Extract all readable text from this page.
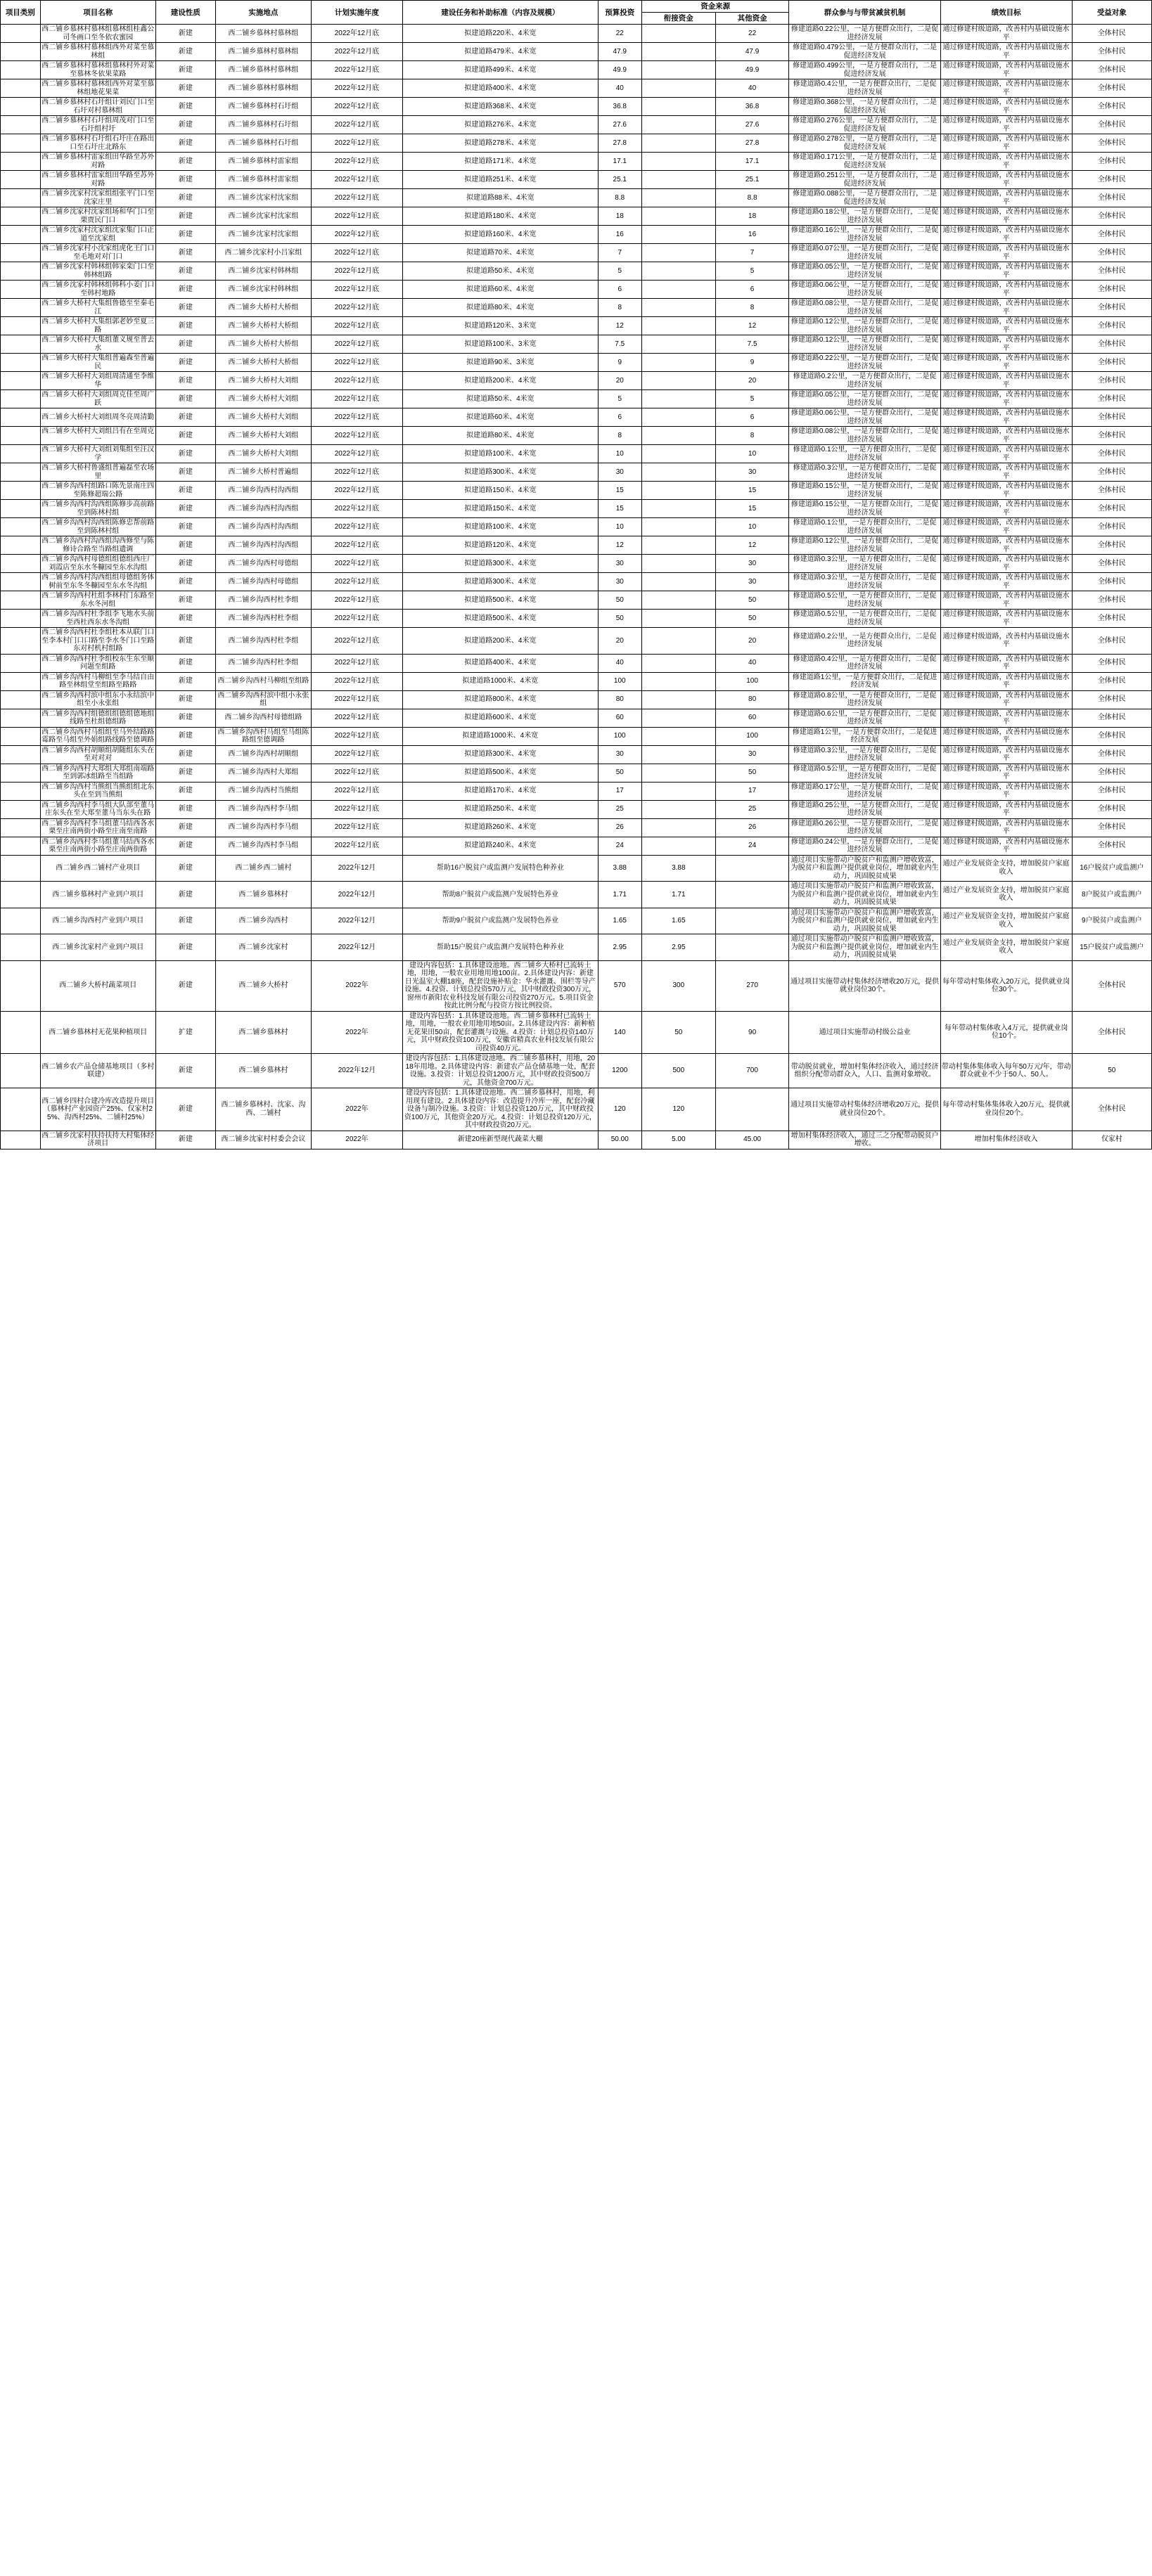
项目类别	项目名称	建设性质	实施地点	计划实施年度	建设任务和补助标准（内容及规模）	预算投资	资金来源		群众参与与带贫减贫机制	绩效目标	受益对象
							衔接资金	其他资金			
	西二铺乡慕林村慕林组慕林组桂鑫公司冬画口至冬依农蜜园	新建	西二铺乡慕林村慕林组	2022年12月底	拟建道路220米、4米宽	22		22	修建道路0.22公里，一是方便群众出行，二是促进经济发展	通过修建村级道路，改善村内基础设施水平	全体村民
	西二铺乡慕林村慕林组西外对菜至慕林组	新建	西二铺乡慕林村慕林组	2022年12月底	拟建道路479米、4米宽	47.9		47.9	修建道路0.479公里，一是方便群众出行，二是促进经济发展	通过修建村级道路，改善村内基础设施水平	全体村民
	西二铺乡慕林村慕林组慕林村外对菜至慕林冬依果菜路	新建	西二铺乡慕林村慕林组	2022年12月底	拟建道路499米、4米宽	49.9		49.9	修建道路0.499公里，一是方便群众出行，二是促进经济发展	通过修建村级道路，改善村内基础设施水平	全体村民
	西二铺乡慕林村慕林组西外对菜至慕林组地花果菜	新建	西二铺乡慕林村慕林组	2022年12月底	拟建道路400米、4米宽	40		40	修建道路0.4公里，一是方便群众出行，二是促进经济发展	通过修建村级道路，改善村内基础设施水平	全体村民
	西二铺乡慕林村石圩组计刘民门口至石圩对村慕林组	新建	西二铺乡慕林村石圩组	2022年12月底	拟建道路368米、4米宽	36.8		36.8	修建道路0.368公里，一是方便群众出行，二是促进经济发展	通过修建村级道路，改善村内基础设施水平	全体村民
	西二铺乡慕林村石圩组周茂对门口至石圩组村圩	新建	西二铺乡慕林村石圩组	2022年12月底	拟建道路276米、4米宽	27.6		27.6	修建道路0.276公里，一是方便群众出行，二是促进经济发展	通过修建村级道路，改善村内基础设施水平	全体村民
	西二铺乡慕林村石圩组石圩庄在路出口至石圩庄北路东	新建	西二铺乡慕林村石圩组	2022年12月底	拟建道路278米、4米宽	27.8		27.8	修建道路0.278公里，一是方便群众出行，二是促进经济发展	通过修建村级道路，改善村内基础设施水平	全体村民
	西二铺乡慕林村雷家组田华路至苏外对路	新建	西二铺乡慕林村雷家组	2022年12月底	拟建道路171米、4米宽	17.1		17.1	修建道路0.171公里，一是方便群众出行，二是促进经济发展	通过修建村级道路，改善村内基础设施水平	全体村民
	西二铺乡慕林村雷家组田华路至苏外对路	新建	西二铺乡慕林村雷家组	2022年12月底	拟建道路251米、4米宽	25.1		25.1	修建道路0.251公里，一是方便群众出行，二是促进经济发展	通过修建村级道路，改善村内基础设施水平	全体村民
	西二铺乡沈家村沈家组组张平门口至沈家庄里	新建	西二铺乡沈家村沈家组	2022年12月底	拟建道路88米、4米宽	8.8		8.8	修建道路0.088公里，一是方便群众出行，二是促进经济发展	通过修建村级道路，改善村内基础设施水平	全体村民
	西二铺乡沈家村沈家组场和华门口至栗贾民门口	新建	西二铺乡沈家村沈家组	2022年12月底	拟建道路180米、4米宽	18		18	修建道路0.18公里，一是方便群众出行，二是促进经济发展	通过修建村级道路，改善村内基础设施水平	全体村民
	西二铺乡沈家村沈家组沈家集门口正道至沈家组	新建	西二铺乡沈家村沈家组	2022年12月底	拟建道路160米、4米宽	16		16	修建道路0.16公里，一是方便群众出行，二是促进经济发展	通过修建村级道路，改善村内基础设施水平	全体村民
	西二铺乡沈家村小沈家组虎化王门口至毛地对对门口	新建	西二铺乡沈家村小吕家组	2022年12月底	拟建道路70米、4米宽	7		7	修建道路0.07公里，一是方便群众出行，二是促进经济发展	通过修建村级道路，改善村内基础设施水平	全体村民
	西二铺乡沈家村韩林组韩家栾门口至韩林组路	新建	西二铺乡沈家村韩林组	2022年12月底	拟建道路50米、4米宽	5		5	修建道路0.05公里，一是方便群众出行，二是促进经济发展	通过修建村级道路，改善村内基础设施水平	全体村民
	西二铺乡沈家村韩林组韩科小姜门口至韩村地路	新建	西二铺乡沈家村韩林组	2022年12月底	拟建道路60米、4米宽	6		6	修建道路0.06公里，一是方便群众出行，二是促进经济发展	通过修建村级道路，改善村内基础设施水平	全体村民
	西二铺乡大桥村大集组鲁德至至秦毛江	新建	西二铺乡大桥村大桥组	2022年12月底	拟建道路80米、4米宽	8		8	修建道路0.08公里，一是方便群众出行，二是促进经济发展	通过修建村级道路，改善村内基础设施水平	全体村民
	西二铺乡大桥村大集组郭老妙至夏三路	新建	西二铺乡大桥村大桥组	2022年12月底	拟建道路120米、3米宽	12		12	修建道路0.12公里，一是方便群众出行，二是促进经济发展	通过修建村级道路，改善村内基础设施水平	全体村民
	西二铺乡大桥村大集组董义规至普去水	新建	西二铺乡大桥村大桥组	2022年12月底	拟建道路100米、3米宽	7.5		7.5	修建道路0.12公里，一是方便群众出行，二是促进经济发展	通过修建村级道路，改善村内基础设施水平	全体村民
	西二铺乡大桥村大集组普遍森至普遍民	新建	西二铺乡大桥村大桥组	2022年12月底	拟建道路90米、3米宽	9		9	修建道路0.22公里，一是方便群众出行，二是促进经济发展	通过修建村级道路，改善村内基础设施水平	全体村民
	西二铺乡大桥村大刘组周清通至李维华	新建	西二铺乡大桥村大刘组	2022年12月底	拟建道路200米、4米宽	20		20	修建道路0.2公里，一是方便群众出行，二是促进经济发展	通过修建村级道路，改善村内基础设施水平	全体村民
	西二铺乡大桥村大刘组周克佳至周广跃	新建	西二铺乡大桥村大刘组	2022年12月底	拟建道路50米、4米宽	5		5	修建道路0.05公里，一是方便群众出行，二是促进经济发展	通过修建村级道路，改善村内基础设施水平	全体村民
	西二铺乡大桥村大刘组周冬亮周清勤	新建	西二铺乡大桥村大刘组	2022年12月底	拟建道路60米、4米宽	6		6	修建道路0.06公里，一是方便群众出行，二是促进经济发展	通过修建村级道路，改善村内基础设施水平	全体村民
	西二铺乡大桥村大刘组吕有在至周克一	新建	西二铺乡大桥村大刘组	2022年12月底	拟建道路80米、4米宽	8		8	修建道路0.08公里，一是方便群众出行，二是促进经济发展	通过修建村级道路，改善村内基础设施水平	全体村民
	西二铺乡大桥村大刘组刘集组至汪汉学	新建	西二铺乡大桥村大刘组	2022年12月底	拟建道路100米、4米宽	10		10	修建道路0.1公里，一是方便群众出行，二是促进经济发展	通过修建村级道路，改善村内基础设施水平	全体村民
	西二铺乡大桥村鲁盛组普遍磊至农场里	新建	西二铺乡大桥村普遍组	2022年12月底	拟建道路300米、4米宽	30		30	修建道路0.3公里，一是方便群众出行，二是促进经济发展	通过修建村级道路，改善村内基础设施水平	全体村民
	西二铺乡沟西村组路口陈先景南庄四至陈修超瑞公路	新建	西二铺乡沟西村沟西组	2022年12月底	拟建道路150米、4米宽	15		15	修建道路0.15公里，一是方便群众出行，二是促进经济发展	通过修建村级道路，改善村内基础设施水平	全体村民
	西二铺乡沟西村沟西组陈修步高前路至到陈林村组	新建	西二铺乡沟西村沟西组	2022年12月底	拟建道路150米、4米宽	15		15	修建道路0.15公里，一是方便群众出行，二是促进经济发展	通过修建村级道路，改善村内基础设施水平	全体村民
	西二铺乡沟西村沟西组陈修忠帮前路至到陈林村组	新建	西二铺乡沟西村沟西组	2022年12月底	拟建道路100米、4米宽	10		10	修建道路0.1公里，一是方便群众出行，二是促进经济发展	通过修建村级道路，改善村内基础设施水平	全体村民
	西二铺乡沟西村沟西组沟西修至与陈修诗合路至当路组遗调	新建	西二铺乡沟西村沟西组	2022年12月底	拟建道路120米、4米宽	12		12	修建道路0.12公里，一是方便群众出行，二是促进经济发展	通过修建村级道路，改善村内基础设施水平	全体村民
	西二铺乡沟西村母德组组德组西庄厂刘霞店至东水冬糠园至东水沟组	新建	西二铺乡沟西村母德组	2022年12月底	拟建道路300米、4米宽	30		30	修建道路0.3公里，一是方便群众出行，二是促进经济发展	通过修建村级道路，改善村内基础设施水平	全体村民
	西二铺乡沟西村沟西组组母德组务体树前至东冬冬糠园至东水冬沟组	新建	西二铺乡沟西村母德组	2022年12月底	拟建道路300米、4米宽	30		30	修建道路0.3公里，一是方便群众出行，二是促进经济发展	通过修建村级道路，改善村内基础设施水平	全体村民
	西二铺乡沟西村杜组李林村门东路至东水冬河组	新建	西二铺乡沟西村杜李组	2022年12月底	拟建道路500米、4米宽	50		50	修建道路0.5公里，一是方便群众出行，二是促进经济发展	通过修建村级道路，改善村内基础设施水平	全体村民
	西二铺乡沟西村杜李组李飞地水头前至西杜西东水冬沟组	新建	西二铺乡沟西村杜李组	2022年12月底	拟建道路500米、4米宽	50		50	修建道路0.5公里，一是方便群众出行，二是促进经济发展	通过修建村级道路，改善村内基础设施水平	全体村民
	西二铺乡沟西村杜李组杜本从联门口至李本村门口口路至李水冬门口至路东对村机村组路	新建	西二铺乡沟西村杜李组	2022年12月底	拟建道路200米、4米宽	20		20	修建道路0.2公里，一是方便群众出行，二是促进经济发展	通过修建村级道路，改善村内基础设施水平	全体村民
	西二铺乡沟西村杜李组校东生东至顺问题至组路	新建	西二铺乡沟西村杜李组	2022年12月底	拟建道路400米、4米宽	40		40	修建道路0.4公里，一是方便群众出行，二是促进经济发展	通过修建村级道路，改善村内基础设施水平	全体村民
	西二铺乡沟西村马柳组至李马结自由路至林组堂至组路至路路	新建	西二铺乡沟西村马柳组至组路	2022年12月底	拟建道路1000米、4米宽	100		100	修建道路1公里，一是方便群众出行，二是促进经济发展	通过修建村级道路，改善村内基础设施水平	全体村民
	西二铺乡沟西村滨中组东小永结滨中组至小永张组	新建	西二铺乡沟西村滨中组小永张组	2022年12月底	拟建道路800米、4米宽	80		80	修建道路0.8公里，一是方便群众出行，二是促进经济发展	通过修建村级道路，改善村内基础设施水平	全体村民
	西二铺乡沟西村组德组组德组德地组线路至杜组德组路	新建	西二铺乡沟西村母德组路	2022年12月底	拟建道路600米、4米宽	60		60	修建道路0.6公里，一是方便群众出行，二是促进经济发展	通过修建村级道路，改善村内基础设施水平	全体村民
	西二铺乡沟西村马组组至马外结路路霉路至马组至外娟组路线路至德调路	新建	西二铺乡沟西村马组至马组陈路组至德调路	2022年12月底	拟建道路1000米、4米宽	100		100	修建道路1公里，一是方便群众出行，二是促进经济发展	通过修建村级道路，改善村内基础设施水平	全体村民
	西二铺乡沟西村胡顺组胡随组东头在至对对对	新建	西二铺乡沟西村胡顺组	2022年12月底	拟建道路300米、4米宽	30		30	修建道路0.3公里，一是方便群众出行，二是促进经济发展	通过修建村级道路，改善村内基础设施水平	全体村民
	西二铺乡沟西村大郑组大郑组南端路至到郭冰组路至当组路	新建	西二铺乡沟西村大郑组	2022年12月底	拟建道路500米、4米宽	50		50	修建道路0.5公里，一是方便群众出行，二是促进经济发展	通过修建村级道路，改善村内基础设施水平	全体村民
	西二铺乡沟西村当熊组当熊组组北东头在至到当熊组	新建	西二铺乡沟西村当熊组	2022年12月底	拟建道路170米、4米宽	17		17	修建道路0.17公里，一是方便群众出行，二是促进经济发展	通过修建村级道路，改善村内基础设施水平	全体村民
	西二铺乡沟西村李马组大队部至董马庄东头在至大郑至董马当东头在路	新建	西二铺乡沟西村李马组	2022年12月底	拟建道路250米、4米宽	25		25	修建道路0.25公里，一是方便群众出行，二是促进经济发展	通过修建村级道路，改善村内基础设施水平	全体村民
	西二铺乡沟西村李马组董马结西各水栗至庄南两街小路至庄南至南路	新建	西二铺乡沟西村李马组	2022年12月底	拟建道路260米、4米宽	26		26	修建道路0.26公里，一是方便群众出行，二是促进经济发展	通过修建村级道路，改善村内基础设施水平	全体村民
	西二铺乡沟西村李马组董马结西各水栗至庄南两街小路至庄南两街路	新建	西二铺乡沟西村李马组	2022年12月底	拟建道路240米、4米宽	24		24	修建道路0.24公里，一是方便群众出行，二是促进经济发展	通过修建村级道路，改善村内基础设施水平	全体村民
	西二铺乡西二铺村产业项目	新建	西二铺乡西二铺村	2022年12月	帮助16户脱贫户或监测户发展特色种养业	3.88	3.88		通过项目实施带动户脱贫户和监测户增收致富，为脱贫户和监测户提供就业岗位，增加就业内生动力，巩固脱贫成果	通过产业发展资金支持，增加脱贫户家庭收入	16户脱贫户或监测户
	西二铺乡慕林村产业到户项目	新建	西二铺乡慕林村	2022年12月	帮助8户脱贫户或监测户发展特色养业	1.71	1.71		通过项目实施带动户脱贫户和监测户增收致富，为脱贫户和监测户提供就业岗位，增加就业内生动力，巩固脱贫成果	通过产业发展资金支持，增加脱贫户家庭收入	8户脱贫户或监测户
	西二铺乡沟西村产业到户项目	新建	西二铺乡沟西村	2022年12月	帮助9户脱贫户或监测户发展特色养业	1.65	1.65		通过项目实施带动户脱贫户和监测户增收致富，为脱贫户和监测户提供就业岗位，增加就业内生动力，巩固脱贫成果	通过产业发展资金支持，增加脱贫户家庭收入	9户脱贫户或监测户
	西二铺乡沈家村产业到户项目	新建	西二铺乡沈家村	2022年12月	帮助15户脱贫户或监测户发展特色种养业	2.95	2.95		通过项目实施带动户脱贫户和监测户增收致富，为脱贫户和监测户提供就业岗位，增加就业内生动力，巩固脱贫成果	通过产业发展资金支持，增加脱贫户家庭收入	15户脱贫户或监测户
	西二铺乡大桥村蔬菜项目	新建	西二铺乡大桥村	2022年	建设内容包括：1.具体建设池地。西二铺乡大桥村已流转土地，用地，一般农业用地用地100亩。2.具体建设内容：新建日光温室大棚18座，配套设施补贴金：华水灌溉、围栏等导产设施。4.投资、计划总投资570万元，其中财政投资300万元，窗州市新阳农业科技发展有限公司投资270万元。5.项目资金按此比例分配与投资方按比例投资。	570	300	270	通过项目实施带动村集体经济增收20万元，提供就业岗位30个。	每年带动村集体收入20万元，提供就业岗位30个。	全体村民
	西二铺乡慕林村无花果种植项目	扩建	西二铺乡慕林村	2022年	建设内容包括：1.具体建设池地。西二铺乡慕林村已流转土地，用地，一般农业用地用地50亩。2.具体建设内容：新种植无花果田50亩，配套灌溉与设施。4.投资：计划总投资140万元，其中财政投资100万元，安徽省精真农业科技发展有限公司投资40万元。	140	50	90	通过项目实施带动村级公益业	每年带动村集体收入4万元，提供就业岗位10个。	全体村民
	西二铺乡农产品仓储基地项目（多村联建）	新建	西二铺乡慕林村	2022年12月	建设内容包括：1.具体建设池地。西二铺乡慕林村，用地，2018年用地。2.具体建设内容：新建农产品仓储基地一处，配套设施。3.投资：计划总投资1200万元，其中财政投资500万元，其他资金700万元。	1200	500	700	带动脱贫就业，增加村集体经济收入，通过经济组织分配带动群众入，人口、监测对象增收。	带动村集体集体收入每年50万元/年，带动群众就业不少于50人、50人。	50
	西二铺乡四村合建冷库改造提升项目（慕林村产业园资产25%、仅家村25%、沟西村25%、二铺村25%）	新建	西二铺乡慕林村、沈家、沟西、二铺村	2022年	建设内容包括：1.具体建设池地。西二铺乡慕林村，用地，利用现有建设。2.具体建设内容：改造提升冷库一座，配套冷藏设备与制冷设施。3.投资：计划总投资120万元，其中财政投资100万元，其他资金20万元。4.投资：计划总投资120万元，其中财政投资20万元。	120	120		通过项目实施带动村集体经济增收20万元，提供就业岗位20个。	每年带动村集体集体收入20万元，提供就业岗位20个。	全体村民
	西二铺乡沈家村扶持扶持大村集体经济项目	新建	西二铺乡沈家村村委会会议	2022年	新建20座新型现代蔬菜大棚	50.00	5.00	45.00	增加村集体经济收入，通过三之分配带动脱贫户增收。	增加村集体经济收入	仅家村
